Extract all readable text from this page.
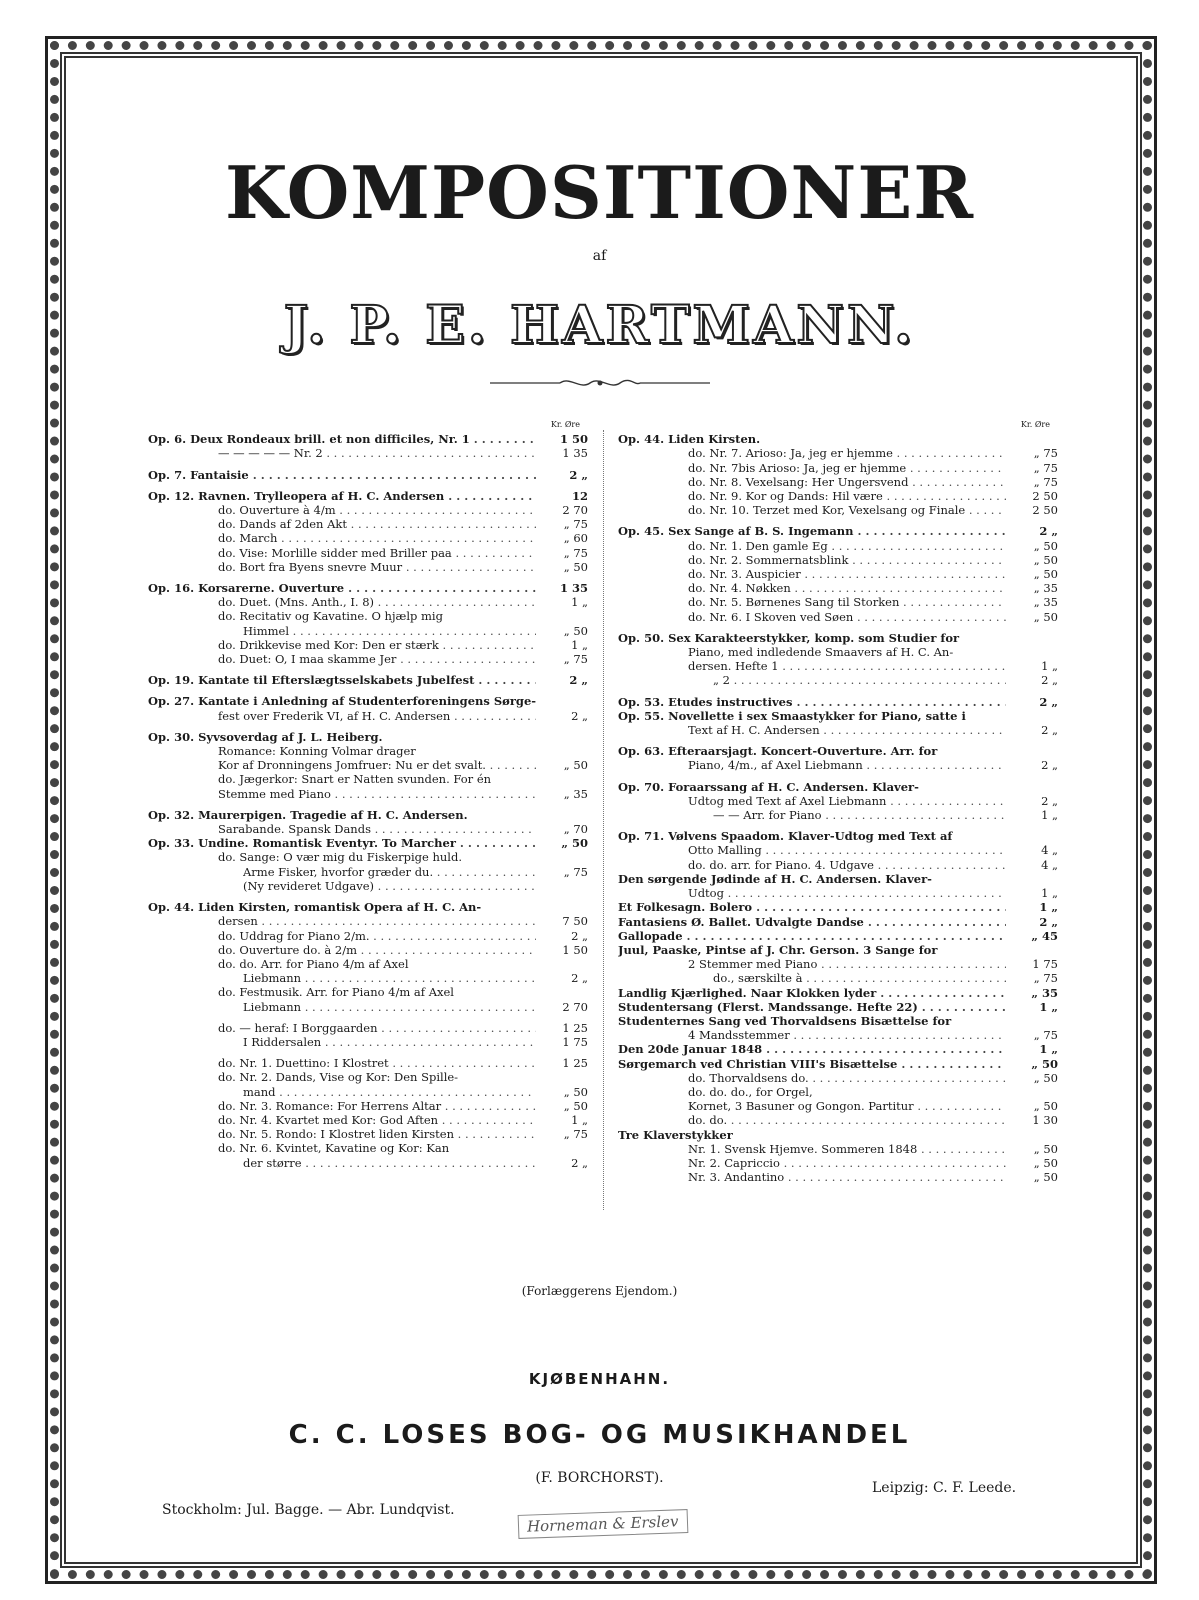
KOMPOSITIONER
af
J. P. E. HARTMANN.
Kr. Øre
Op. 6. Deux Rondeaux brill. et non difficiles, Nr. 1 . . .	1 50
— — — — — Nr. 2 . . .	1 35
Op. 7. Fantaisie . . .	2 „
Op. 12. Ravnen. Trylleopera af H. C. Andersen . . .	12
do. Ouverture à 4/m . . .	2 70
do. Dands af 2den Akt . . .	„ 75
do. March . . .	„ 60
do. Vise: Morlille sidder med Briller paa . . .	„ 75
do. Bort fra Byens snevre Muur . . .	„ 50
Op. 16. Korsarerne. Ouverture . . .	1 35
do. Duet. (Mns. Anth., I. 8) . . .	1 „
do. Recitativ og Kavatine. O hjælp mig
Himmel . . .	„ 50
do. Drikkevise med Kor: Den er stærk . . .	1 „
do. Duet: O, I maa skamme Jer . . .	„ 75
Op. 19. Kantate til Efterslægtsselskabets Jubelfest . . .	2 „
Op. 27. Kantate i Anledning af Studenterforeningens Sørge-
fest over Frederik VI, af H. C. Andersen . . .	2 „
Op. 30. Syvsoverdag af J. L. Heiberg.
Romance: Konning Volmar drager
Kor af Dronningens Jomfruer: Nu er det svalt. . . .	„ 50
do. Jægerkor: Snart er Natten svunden. For én
Stemme med Piano . . .	„ 35
Op. 32. Maurerpigen. Tragedie af H. C. Andersen.
Sarabande. Spansk Dands . . .	„ 70
Op. 33. Undine. Romantisk Eventyr. To Marcher . . .	„ 50
do. Sange: O vær mig du Fiskerpige huld.
Arme Fisker, hvorfor græder du. . . .	„ 75
(Ny revideret Udgave) . . .
Op. 44. Liden Kirsten, romantisk Opera af H. C. An-
dersen . . .	7 50
do. Uddrag for Piano 2/m. . . .	2 „
do. Ouverture do. à 2/m . . .	1 50
do. do. Arr. for Piano 4/m af Axel
Liebmann . . .	2 „
do. Festmusik. Arr. for Piano 4/m af Axel
Liebmann . . .	2 70
do. — heraf: I Borggaarden . . .	1 25
I Riddersalen . . .	1 75
do. Nr. 1. Duettino: I Klostret . . .	1 25
do. Nr. 2. Dands, Vise og Kor: Den Spille-
mand . . .	„ 50
do. Nr. 3. Romance: For Herrens Altar . . .	„ 50
do. Nr. 4. Kvartet med Kor: God Aften . . .	1 „
do. Nr. 5. Rondo: I Klostret liden Kirsten . . .	„ 75
do. Nr. 6. Kvintet, Kavatine og Kor: Kan
der større . . .	2 „
Kr. Øre
Op. 44. Liden Kirsten.
do. Nr. 7. Arioso: Ja, jeg er hjemme . . .	„ 75
do. Nr. 7bis Arioso: Ja, jeg er hjemme . . .	„ 75
do. Nr. 8. Vexelsang: Her Ungersvend . . .	„ 75
do. Nr. 9. Kor og Dands: Hil være . . .	2 50
do. Nr. 10. Terzet med Kor, Vexelsang og Finale . . .	2 50
Op. 45. Sex Sange af B. S. Ingemann . . .	2 „
do. Nr. 1. Den gamle Eg . . .	„ 50
do. Nr. 2. Sommernatsblink . . .	„ 50
do. Nr. 3. Auspicier . . .	„ 50
do. Nr. 4. Nøkken . . .	„ 35
do. Nr. 5. Børnenes Sang til Storken . . .	„ 35
do. Nr. 6. I Skoven ved Søen . . .	„ 50
Op. 50. Sex Karakteerstykker, komp. som Studier for
Piano, med indledende Smaavers af H. C. An-
dersen. Hefte 1 . . .	1 „
„ 2 . . .	2 „
Op. 53. Etudes instructives . . .	2 „
Op. 55. Novellette i sex Smaastykker for Piano, satte i
Text af H. C. Andersen . . .	2 „
Op. 63. Efteraarsjagt. Koncert-Ouverture. Arr. for
Piano, 4/m., af Axel Liebmann . . .	2 „
Op. 70. Foraarssang af H. C. Andersen. Klaver-
Udtog med Text af Axel Liebmann . . .	2 „
— — Arr. for Piano . . .	1 „
Op. 71. Vølvens Spaadom. Klaver-Udtog med Text af
Otto Malling . . .	4 „
do. do. arr. for Piano. 4. Udgave . . .	4 „
Den sørgende Jødinde af H. C. Andersen. Klaver-
Udtog . . .	1 „
Et Folkesagn. Bolero . . .	1 „
Fantasiens Ø. Ballet. Udvalgte Dandse . . .	2 „
Gallopade . . .	„ 45
Juul, Paaske, Pintse af J. Chr. Gerson. 3 Sange for
2 Stemmer med Piano . . .	1 75
do., særskilte à . . .	„ 75
Landlig Kjærlighed. Naar Klokken lyder . . .	„ 35
Studentersang (Flerst. Mandssange. Hefte 22) . . .	1 „
Studenternes Sang ved Thorvaldsens Bisættelse for
4 Mandsstemmer . . .	„ 75
Den 20de Januar 1848 . . .	1 „
Sørgemarch ved Christian VIII's Bisættelse . . .	„ 50
do. Thorvaldsens do. . . .	„ 50
do. do. do., for Orgel,
Kornet, 3 Basuner og Gongon. Partitur . . .	„ 50
do. do. . . .	1 30
Tre Klaverstykker
Nr. 1. Svensk Hjemve. Sommeren 1848 . . .	„ 50
Nr. 2. Capriccio . . .	„ 50
Nr. 3. Andantino . . .	„ 50
(Forlæggerens Ejendom.)
KJØBENHAHN.
C. C. LOSES BOG- OG MUSIKHANDEL
(F. BORCHORST).
Stockholm: Jul. Bagge. — Abr. Lundqvist.
Leipzig: C. F. Leede.
Horneman & Erslev
